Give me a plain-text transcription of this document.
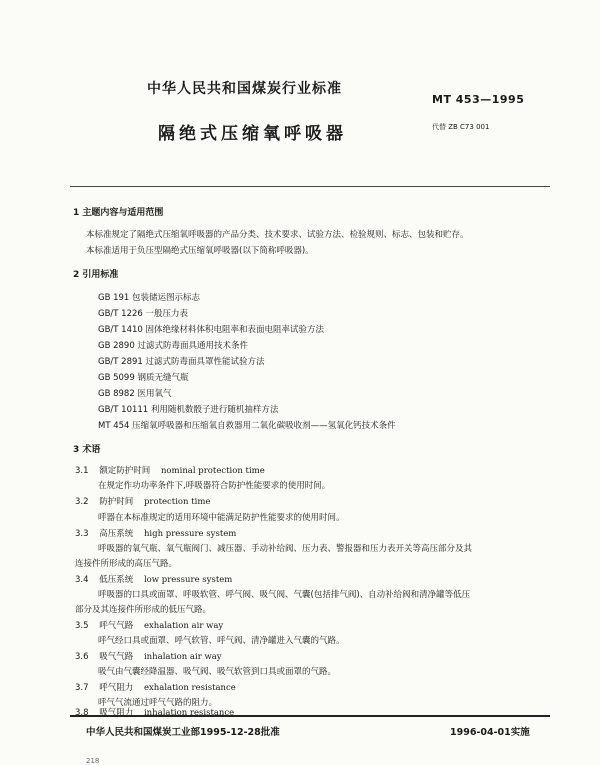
中华人民共和国煤炭行业标准
MT 453—1995
隔绝式压缩氧呼吸器	代替 ZB C73 001
1 主题内容与适用范围
本标准规定了隔绝式压缩氧呼吸器的产品分类、技术要求、试验方法、检验规则、标志、包装和贮存。
本标准适用于负压型隔绝式压缩氧呼吸器(以下简称呼吸器)。
2 引用标准
GB 191 包装储运图示标志
GB/T 1226 一般压力表
GB/T 1410 固体绝缘材料体积电阻率和表面电阻率试验方法
GB 2890 过滤式防毒面具通用技术条件
GB/T 2891 过滤式防毒面具罩性能试验方法
GB 5099 钢质无缝气瓶
GB 8982 医用氧气
GB/T 10111 利用随机数骰子进行随机抽样方法
MT 454 压缩氧呼吸器和压缩氧自救器用二氧化碳吸收剂——氢氧化钙技术条件
3 术语
3.1 额定防护时间 nominal protection time
在规定作功功率条件下,呼吸器符合防护性能要求的使用时间。
3.2 防护时间 protection time
呼器在本标准规定的适用环境中能满足防护性能要求的使用时间。
3.3 高压系统 high pressure system
呼吸器的氧气瓶、氧气瓶阀门、减压器、手动补给阀、压力表、警报器和压力表开关等高压部分及其
连接件所形成的高压气路。
3.4 低压系统 low pressure system
呼吸器的口具或面罩、呼吸软管、呼气阀、吸气阀、气囊(包括排气阀)、自动补给阀和清净罐等低压
部分及其连接件所形成的低压气路。
3.5 呼气气路 exhalation air way
呼气经口具或面罩、呼气软管、呼气阀、清净罐进入气囊的气路。
3.6 吸气气路 inhalation air way
吸气由气囊经降温器、吸气阀、吸气软管到口具或面罩的气路。
3.7 呼气阻力 exhalation resistance
呼气气流通过呼气气路的阻力。
3.8 吸气阻力 inhalation resistance
中华人民共和国煤炭工业部1995-12-28批准	1996-04-01实施
218
